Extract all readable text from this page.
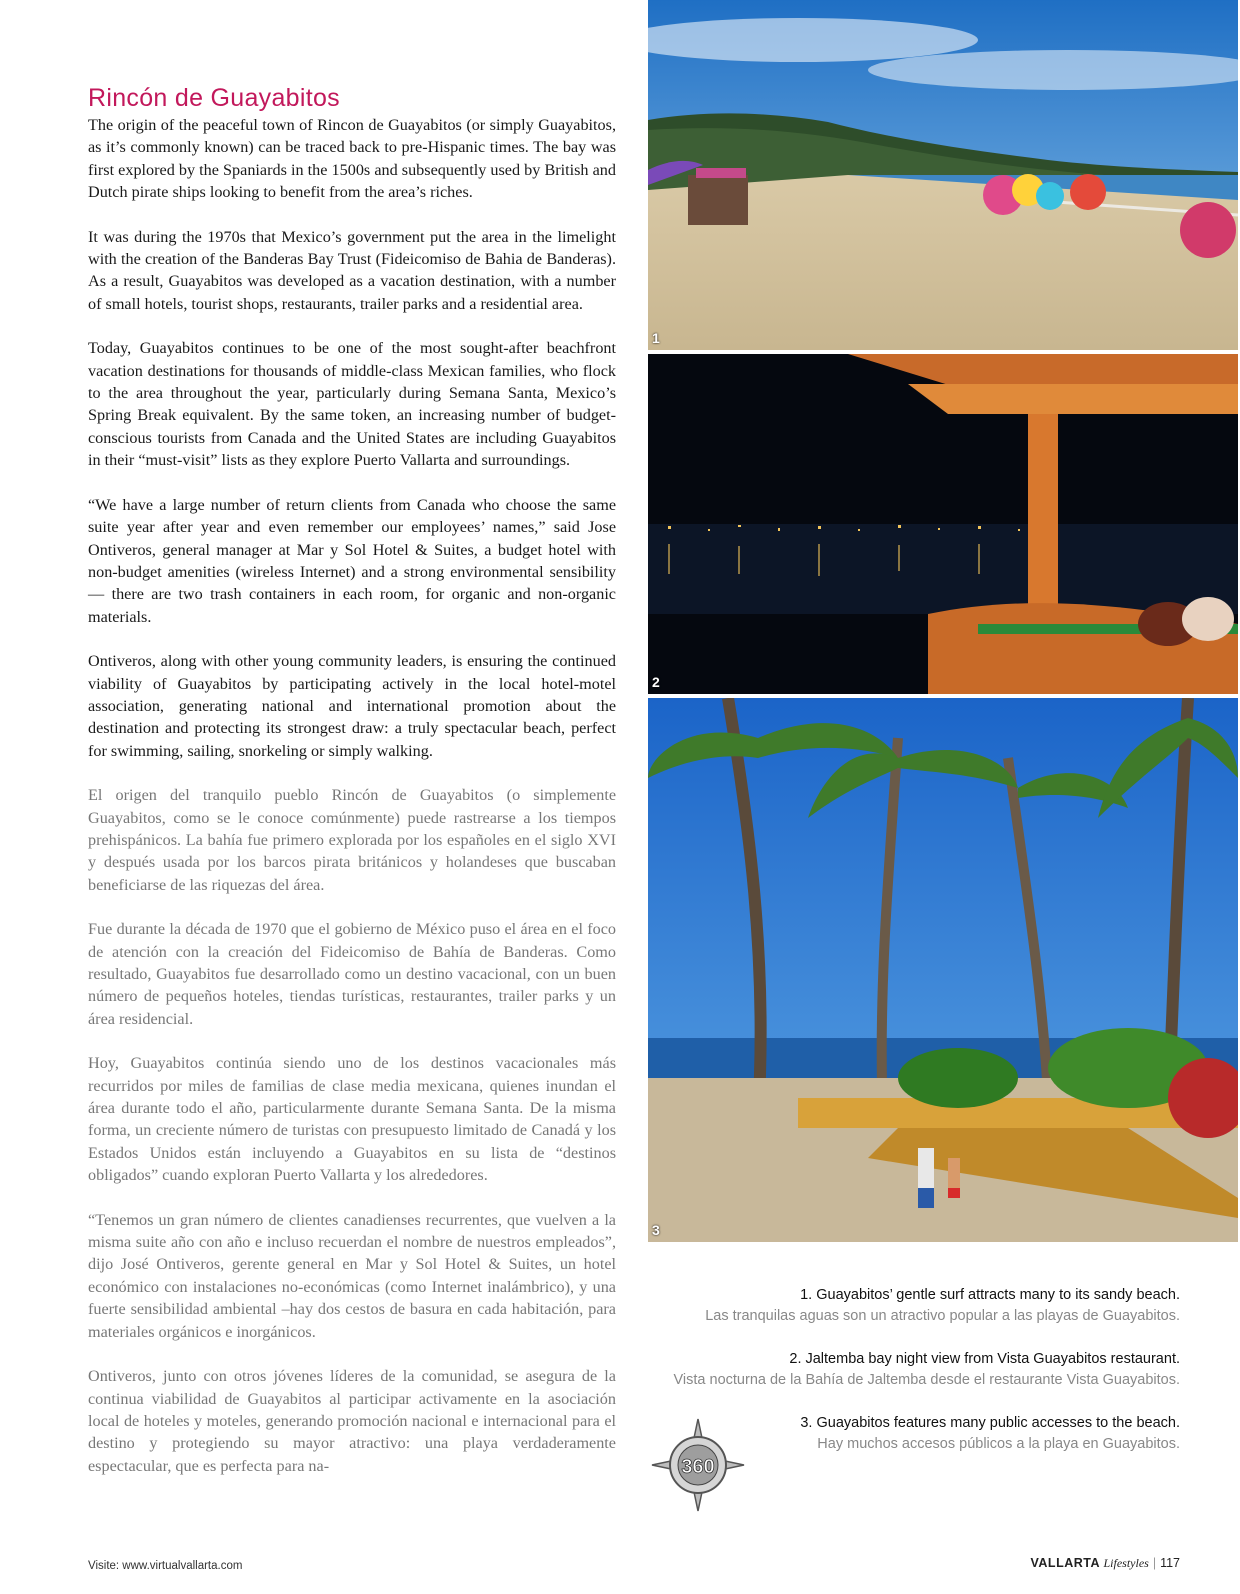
Rincón de Guayabitos

The origin of the peaceful town of Rincon de Guayabitos (or simply Guayabitos, as it’s commonly known) can be traced back to pre-Hispanic times. The bay was first explored by the Spaniards in the 1500s and subsequently used by British and Dutch pirate ships looking to benefit from the area’s riches.

It was during the 1970s that Mexico’s government put the area in the limelight with the creation of the Banderas Bay Trust (Fideicomiso de Bahia de Banderas). As a result, Guayabitos was developed as a vacation destination, with a number of small hotels, tourist shops, restaurants, trailer parks and a residential area.

Today, Guayabitos continues to be one of the most sought-after beachfront vacation destinations for thousands of middle-class Mexican families, who flock to the area throughout the year, particularly during Semana Santa, Mexico’s Spring Break equivalent. By the same token, an increasing number of budget-conscious tourists from Canada and the United States are including Guayabitos in their “must-visit” lists as they explore Puerto Vallarta and surroundings.

“We have a large number of return clients from Canada who choose the same suite year after year and even remember our employees’ names,” said Jose Ontiveros, general manager at Mar y Sol Hotel & Suites, a budget hotel with non-budget amenities (wireless Internet) and a strong environmental sensibility — there are two trash containers in each room, for organic and non-organic materials.

Ontiveros, along with other young community leaders, is ensuring the continued viability of Guayabitos by participating actively in the local hotel-motel association, generating national and international promotion about the destination and protecting its strongest draw: a truly spectacular beach, perfect for swimming, sailing, snorkeling or simply walking.

El origen del tranquilo pueblo Rincón de Guayabitos (o simplemente Guayabitos, como se le conoce comúnmente) puede rastrearse a los tiempos prehispánicos. La bahía fue primero explorada por los españoles en el siglo XVI y después usada por los barcos pirata británicos y holandeses que buscaban beneficiarse de las riquezas del área.

Fue durante la década de 1970 que el gobierno de México puso el área en el foco de atención con la creación del Fideicomiso de Bahía de Banderas. Como resultado, Guayabitos fue desarrollado como un destino vacacional, con un buen número de pequeños hoteles, tiendas turísticas, restaurantes, trailer parks y un área residencial.

Hoy, Guayabitos continúa siendo uno de los destinos vacacionales más recurridos por miles de familias de clase media mexicana, quienes inundan el área durante todo el año, particularmente durante Semana Santa. De la misma forma, un creciente número de turistas con presupuesto limitado de Canadá y los Estados Unidos están incluyendo a Guayabitos en su lista de “destinos obligados” cuando exploran Puerto Vallarta y los alrededores.

“Tenemos un gran número de clientes canadienses recurrentes, que vuelven a la misma suite año con año e incluso recuerdan el nombre de nuestros empleados”, dijo José Ontiveros, gerente general en Mar y Sol Hotel & Suites, un hotel económico con instalaciones no-económicas (como Internet inalámbrico), y una fuerte sensibilidad ambiental –hay dos cestos de basura en cada habitación, para materiales orgánicos e inorgánicos.

Ontiveros, junto con otros jóvenes líderes de la comunidad, se asegura de la continua viabilidad de Guayabitos al participar activamente en la asociación local de hoteles y moteles, generando promoción nacional e internacional para el destino y protegiendo su mayor atractivo: una playa verdaderamente espectacular, que es perfecta para na-

1
2
3
1. Guayabitos’ gentle surf attracts many to its sandy beach.
Las tranquilas aguas son un atractivo popular a las playas de Guayabitos.
2. Jaltemba bay night view from Vista Guayabitos restaurant.
Vista nocturna de la Bahía de Jaltemba desde el restaurante Vista Guayabitos.
3. Guayabitos features many public accesses to the beach.
Hay muchos accesos públicos a la playa en Guayabitos.
360
Visite: www.virtualvallarta.com	VALLARTA Lifestyles | 117
